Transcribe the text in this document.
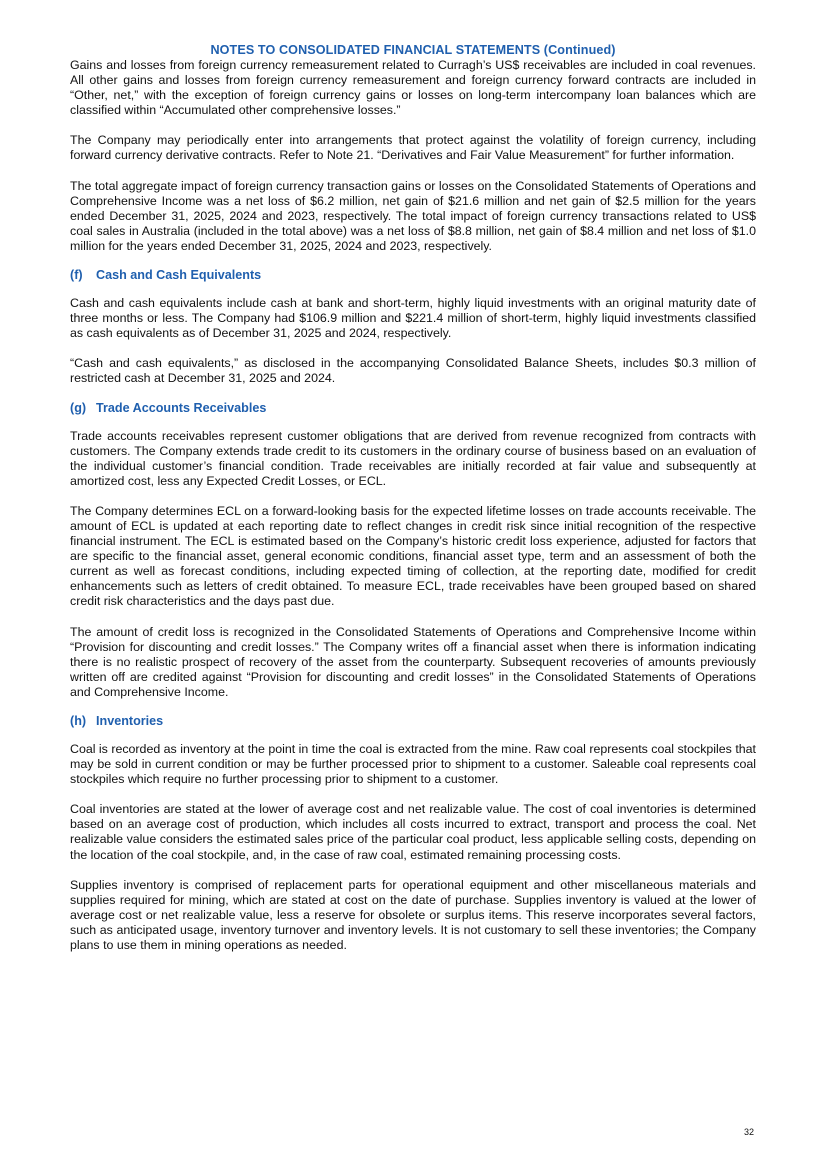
NOTES TO CONSOLIDATED FINANCIAL STATEMENTS (Continued)

Gains and losses from foreign currency remeasurement related to Curragh’s US$ receivables are included in coal revenues. All other gains and losses from foreign currency remeasurement and foreign currency forward contracts are included in “Other, net,” with the exception of foreign currency gains or losses on long-term intercompany loan balances which are classified within “Accumulated other comprehensive losses.”

The Company may periodically enter into arrangements that protect against the volatility of foreign currency, including forward currency derivative contracts. Refer to Note 21. “Derivatives and Fair Value Measurement” for further information.

The total aggregate impact of foreign currency transaction gains or losses on the Consolidated Statements of Operations and Comprehensive Income was a net loss of $6.2 million, net gain of $21.6 million and net gain of $2.5 million for the years ended December 31, 2025, 2024 and 2023, respectively. The total impact of foreign currency transactions related to US$ coal sales in Australia (included in the total above) was a net loss of $8.8 million, net gain of $8.4 million and net loss of $1.0 million for the years ended December 31, 2025, 2024 and 2023, respectively.

(f) Cash and Cash Equivalents

Cash and cash equivalents include cash at bank and short-term, highly liquid investments with an original maturity date of three months or less. The Company had $106.9 million and $221.4 million of short-term, highly liquid investments classified as cash equivalents as of December 31, 2025 and 2024, respectively.

“Cash and cash equivalents,” as disclosed in the accompanying Consolidated Balance Sheets, includes $0.3 million of restricted cash at December 31, 2025 and 2024.

(g) Trade Accounts Receivables

Trade accounts receivables represent customer obligations that are derived from revenue recognized from contracts with customers. The Company extends trade credit to its customers in the ordinary course of business based on an evaluation of the individual customer’s financial condition. Trade receivables are initially recorded at fair value and subsequently at amortized cost, less any Expected Credit Losses, or ECL.

The Company determines ECL on a forward-looking basis for the expected lifetime losses on trade accounts receivable. The amount of ECL is updated at each reporting date to reflect changes in credit risk since initial recognition of the respective financial instrument. The ECL is estimated based on the Company’s historic credit loss experience, adjusted for factors that are specific to the financial asset, general economic conditions, financial asset type, term and an assessment of both the current as well as forecast conditions, including expected timing of collection, at the reporting date, modified for credit enhancements such as letters of credit obtained. To measure ECL, trade receivables have been grouped based on shared credit risk characteristics and the days past due.

The amount of credit loss is recognized in the Consolidated Statements of Operations and Comprehensive Income within “Provision for discounting and credit losses.” The Company writes off a financial asset when there is information indicating there is no realistic prospect of recovery of the asset from the counterparty. Subsequent recoveries of amounts previously written off are credited against “Provision for discounting and credit losses” in the Consolidated Statements of Operations and Comprehensive Income.

(h) Inventories

Coal is recorded as inventory at the point in time the coal is extracted from the mine. Raw coal represents coal stockpiles that may be sold in current condition or may be further processed prior to shipment to a customer. Saleable coal represents coal stockpiles which require no further processing prior to shipment to a customer.

Coal inventories are stated at the lower of average cost and net realizable value. The cost of coal inventories is determined based on an average cost of production, which includes all costs incurred to extract, transport and process the coal. Net realizable value considers the estimated sales price of the particular coal product, less applicable selling costs, depending on the location of the coal stockpile, and, in the case of raw coal, estimated remaining processing costs.

Supplies inventory is comprised of replacement parts for operational equipment and other miscellaneous materials and supplies required for mining, which are stated at cost on the date of purchase. Supplies inventory is valued at the lower of average cost or net realizable value, less a reserve for obsolete or surplus items. This reserve incorporates several factors, such as anticipated usage, inventory turnover and inventory levels. It is not customary to sell these inventories; the Company plans to use them in mining operations as needed.

32
